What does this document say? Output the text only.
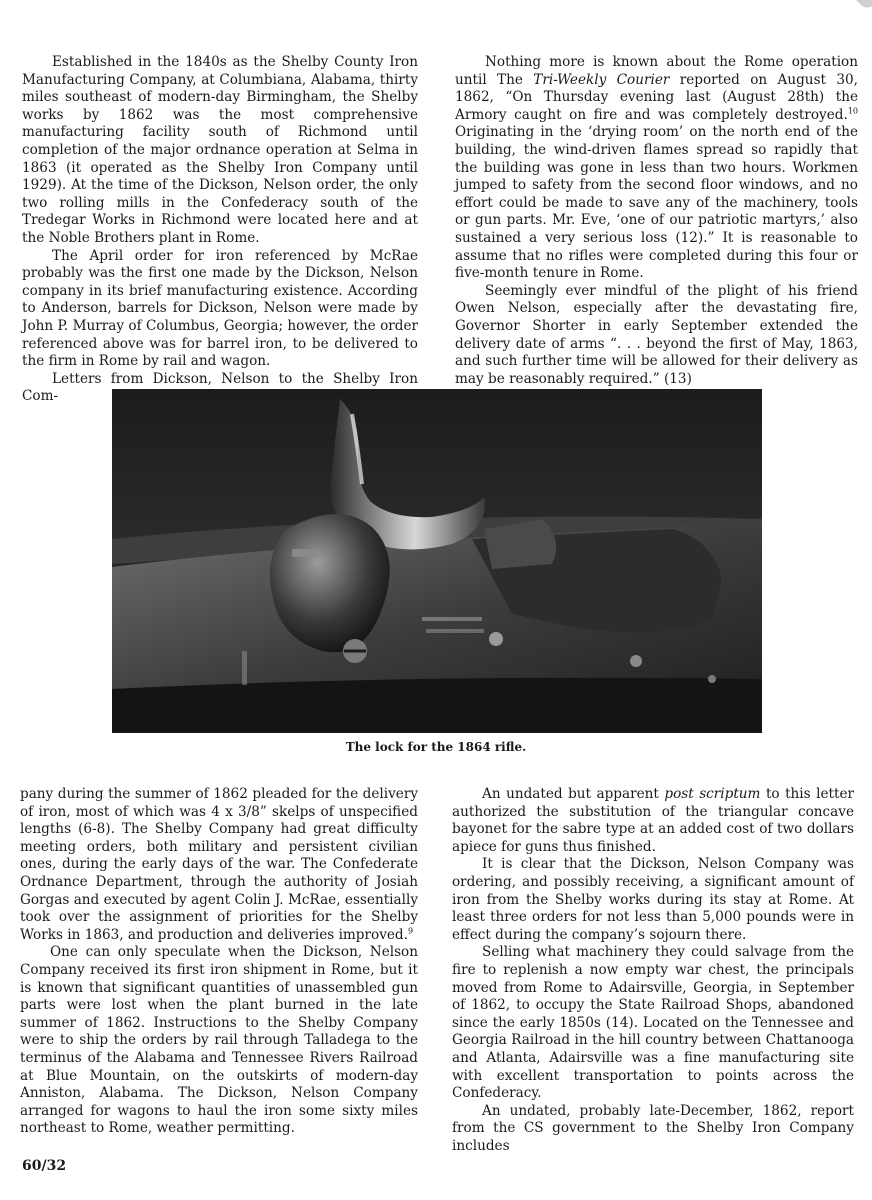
Established in the 1840s as the Shelby County Iron Manufacturing Company, at Columbiana, Alabama, thirty miles southeast of modern-day Birmingham, the Shelby works by 1862 was the most comprehensive manufacturing facility south of Richmond until completion of the major ordnance operation at Selma in 1863 (it operated as the Shelby Iron Company until 1929). At the time of the Dickson, Nelson order, the only two rolling mills in the Confederacy south of the Tredegar Works in Richmond were located here and at the Noble Brothers plant in Rome.

The April order for iron referenced by McRae probably was the first one made by the Dickson, Nelson company in its brief manufacturing existence. According to Anderson, barrels for Dickson, Nelson were made by John P. Murray of Columbus, Georgia; however, the order referenced above was for barrel iron, to be delivered to the firm in Rome by rail and wagon.

Letters from Dickson, Nelson to the Shelby Iron Com-

Nothing more is known about the Rome operation until The Tri-Weekly Courier reported on August 30, 1862, “On Thursday evening last (August 28th) the Armory caught on fire and was completely destroyed.$^{10}$ Originating in the ‘drying room’ on the north end of the building, the wind-driven flames spread so rapidly that the building was gone in less than two hours. Workmen jumped to safety from the second floor windows, and no effort could be made to save any of the machinery, tools or gun parts. Mr. Eve, ‘one of our patriotic martyrs,’ also sustained a very serious loss (12).” It is reasonable to assume that no rifles were completed during this four or five-month tenure in Rome.

Seemingly ever mindful of the plight of his friend Owen Nelson, especially after the devastating fire, Governor Shorter in early September extended the delivery date of arms “. . . beyond the first of May, 1863, and such further time will be allowed for their delivery as may be reasonably required.” (13)

The lock for the 1864 rifle.

pany during the summer of 1862 pleaded for the delivery of iron, most of which was 4 x 3/8” skelps of unspecified lengths (6-8). The Shelby Company had great difficulty meeting orders, both military and persistent civilian ones, during the early days of the war. The Confederate Ordnance Department, through the authority of Josiah Gorgas and executed by agent Colin J. McRae, essentially took over the assignment of priorities for the Shelby Works in 1863, and production and deliveries improved.$^9$

One can only speculate when the Dickson, Nelson Company received its first iron shipment in Rome, but it is known that significant quantities of unassembled gun parts were lost when the plant burned in the late summer of 1862. Instructions to the Shelby Company were to ship the orders by rail through Talladega to the terminus of the Alabama and Tennessee Rivers Railroad at Blue Mountain, on the outskirts of modern-day Anniston, Alabama. The Dickson, Nelson Company arranged for wagons to haul the iron some sixty miles northeast to Rome, weather permitting.

An undated but apparent post scriptum to this letter authorized the substitution of the triangular concave bayonet for the sabre type at an added cost of two dollars apiece for guns thus finished.

It is clear that the Dickson, Nelson Company was ordering, and possibly receiving, a significant amount of iron from the Shelby works during its stay at Rome. At least three orders for not less than 5,000 pounds were in effect during the company’s sojourn there.

Selling what machinery they could salvage from the fire to replenish a now empty war chest, the principals moved from Rome to Adairsville, Georgia, in September of 1862, to occupy the State Railroad Shops, abandoned since the early 1850s (14). Located on the Tennessee and Georgia Railroad in the hill country between Chattanooga and Atlanta, Adairsville was a fine manufacturing site with excellent transportation to points across the Confederacy.

An undated, probably late-December, 1862, report from the CS government to the Shelby Iron Company includes

60/32
